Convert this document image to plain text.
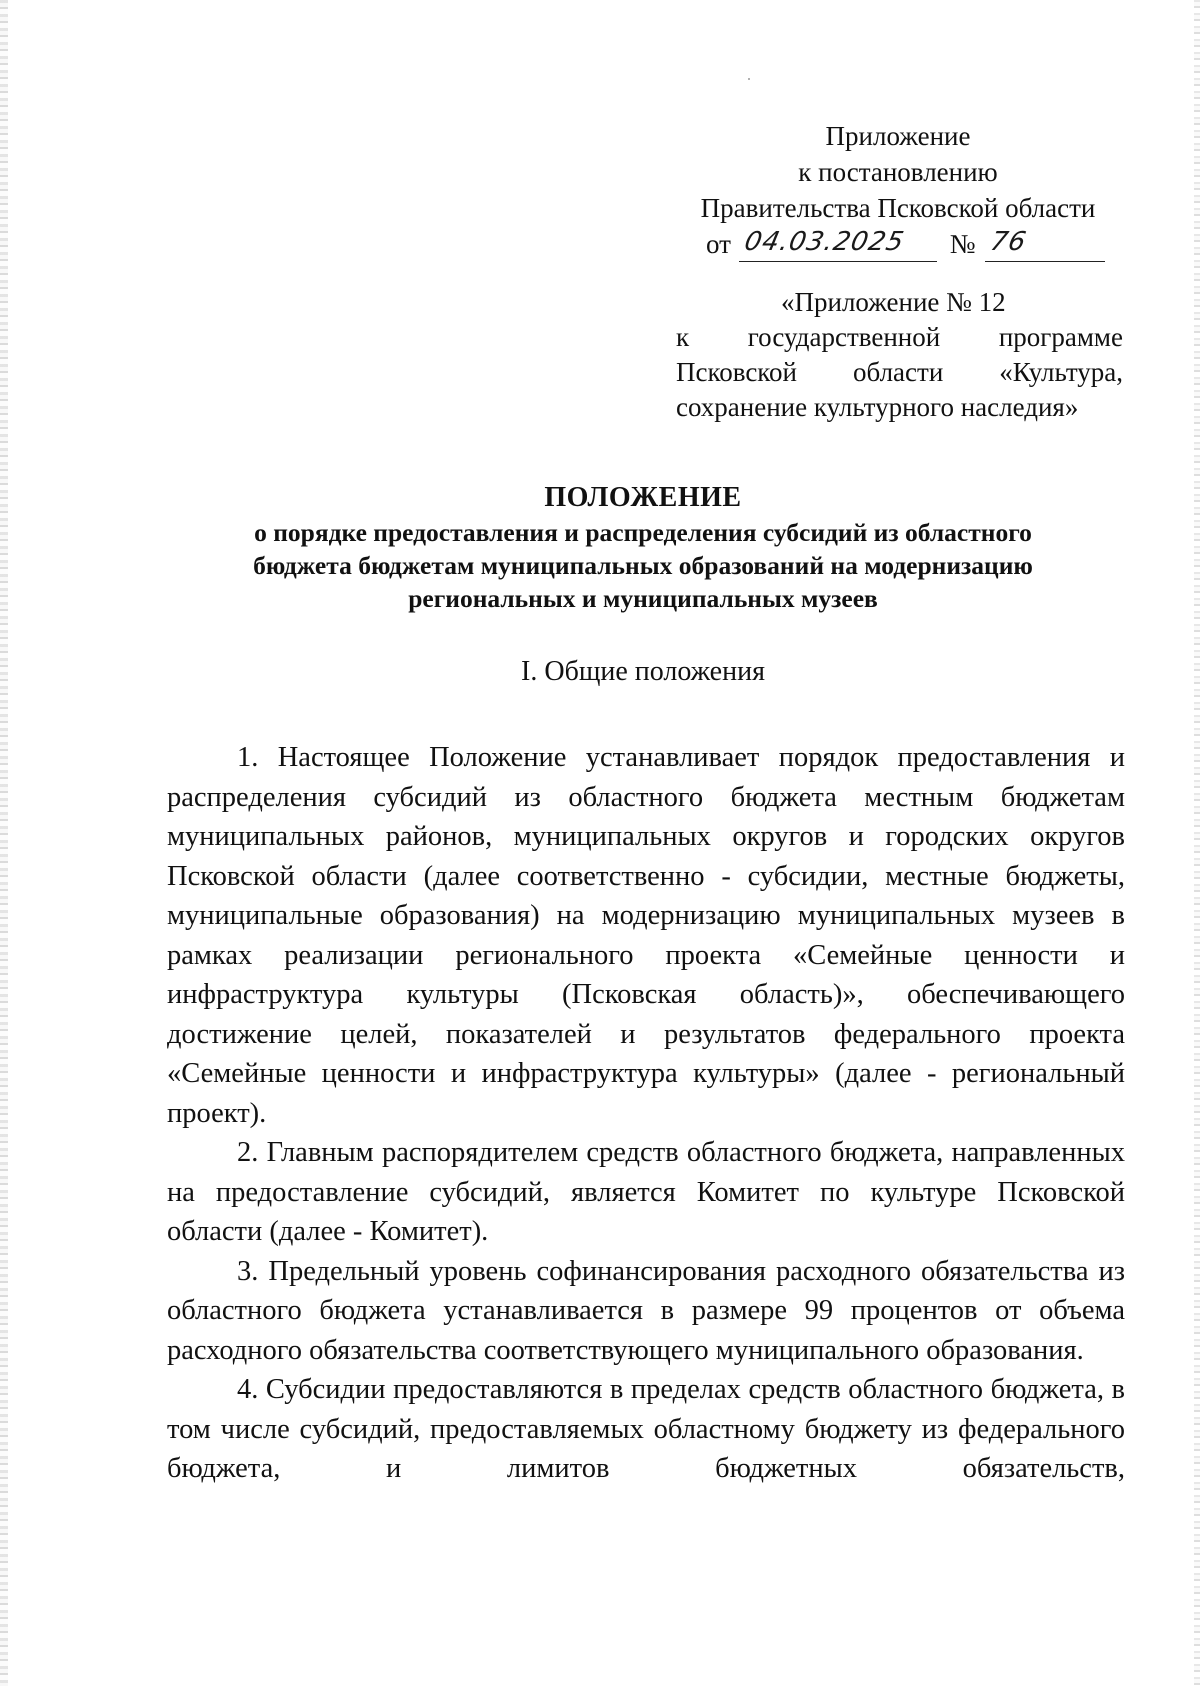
Приложение
к постановлению
Правительства Псковской области
от 04.03.2025 № 76
«Приложение № 12
к государственной программе
Псковской области «Культура,
сохранение культурного наследия»
ПОЛОЖЕНИЕ
о порядке предоставления и распределения субсидий из областного
бюджета бюджетам муниципальных образований на модернизацию
региональных и муниципальных музеев
I. Общие положения

1. Настоящее Положение устанавливает порядок предоставления и распределения субсидий из областного бюджета местным бюджетам муниципальных районов, муниципальных округов и городских округов Псковской области (далее соответственно - субсидии, местные бюджеты, муниципальные образования) на модернизацию муниципальных музеев в рамках реализации регионального проекта «Семейные ценности и инфраструктура культуры (Псковская область)», обеспечивающего достижение целей, показателей и результатов федерального проекта «Семейные ценности и инфраструктура культуры» (далее - региональный проект).

2. Главным распорядителем средств областного бюджета, направленных на предоставление субсидий, является Комитет по культуре Псковской области (далее - Комитет).

3. Предельный уровень софинансирования расходного обязательства из областного бюджета устанавливается в размере 99 процентов от объема расходного обязательства соответствующего муниципального образования.

4. Субсидии предоставляются в пределах средств областного бюджета, в том числе субсидий, предоставляемых областному бюджету из федерального бюджета, и лимитов бюджетных обязательств,
